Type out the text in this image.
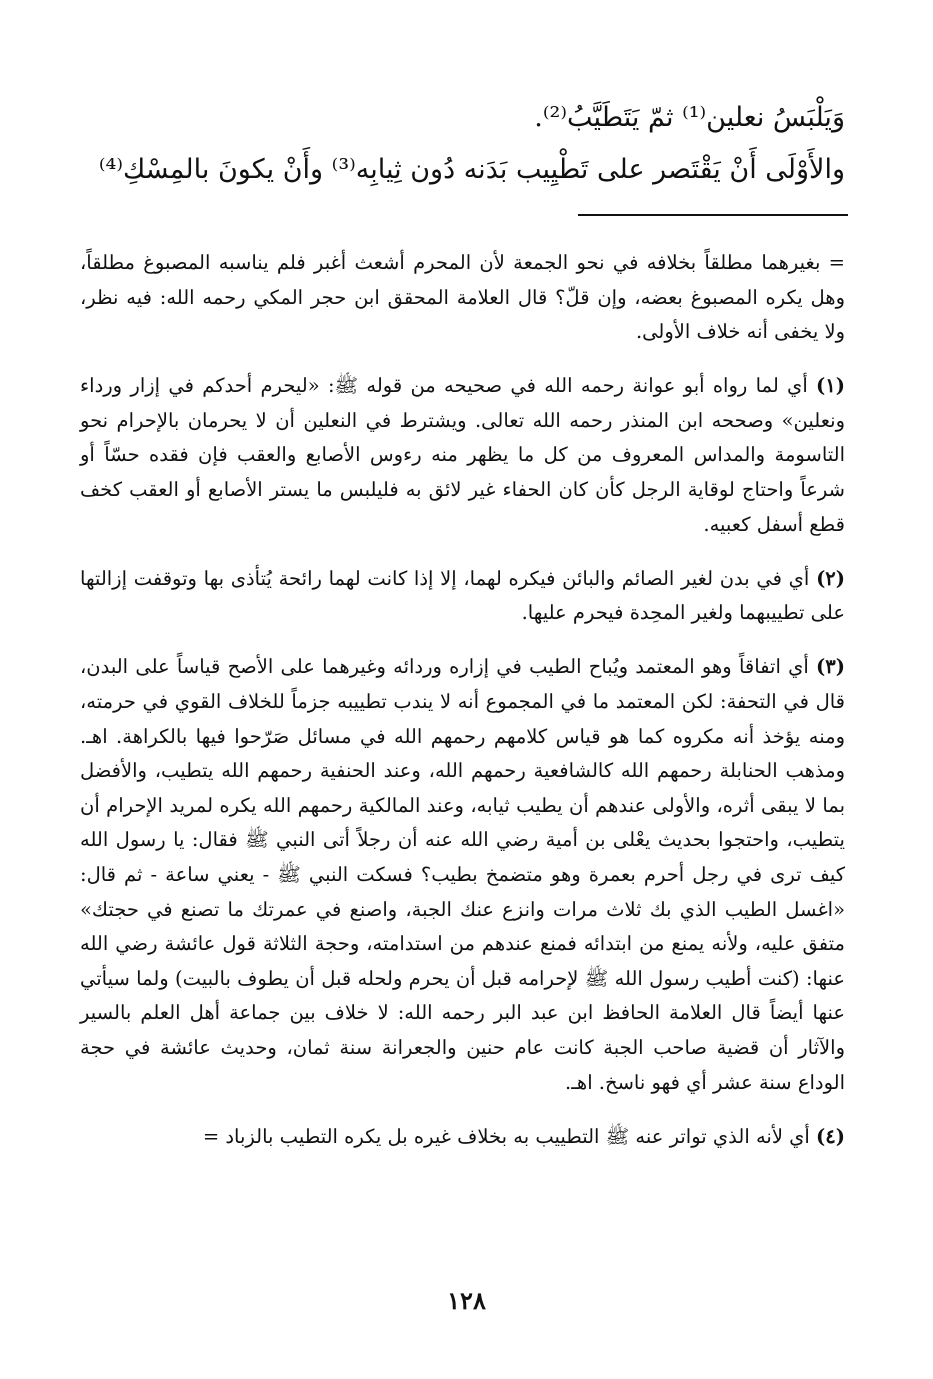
وَيَلْبَسُ نعلين⁽¹⁾ ثمّ يَتَطَيَّبُ⁽²⁾.
والأَوْلَى أَنْ يَقْتَصر على تَطْيِيب بَدَنه دُون ثِيابِه⁽³⁾ وأَنْ يكونَ بالمِسْكِ⁽⁴⁾

= بغيرهما مطلقاً بخلافه في نحو الجمعة لأن المحرم أشعث أغبر فلم يناسبه المصبوغ مطلقاً، وهل يكره المصبوغ بعضه، وإن قلّ؟ قال العلامة المحقق ابن حجر المكي رحمه الله: فيه نظر، ولا يخفى أنه خلاف الأولى.

(١) أي لما رواه أبو عوانة رحمه الله في صحيحه من قوله ﷺ: «ليحرم أحدكم في إزار ورداء ونعلين» وصححه ابن المنذر رحمه الله تعالى. ويشترط في النعلين أن لا يحرمان بالإحرام نحو التاسومة والمداس المعروف من كل ما يظهر منه رءوس الأصابع والعقب فإن فقده حسّاً أو شرعاً واحتاج لوقاية الرجل كأن كان الحفاء غير لائق به فليلبس ما يستر الأصابع أو العقب كخف قطع أسفل كعبيه.

(٢) أي في بدن لغير الصائم والبائن فيكره لهما، إلا إذا كانت لهما رائحة يُتأذى بها وتوقفت إزالتها على تطييبهما ولغير المحِدة فيحرم عليها.

(٣) أي اتفاقاً وهو المعتمد ويُباح الطيب في إزاره وردائه وغيرهما على الأصح قياساً على البدن، قال في التحفة: لكن المعتمد ما في المجموع أنه لا يندب تطييبه جزماً للخلاف القوي في حرمته، ومنه يؤخذ أنه مكروه كما هو قياس كلامهم رحمهم الله في مسائل صَرّحوا فيها بالكراهة. اهـ. ومذهب الحنابلة رحمهم الله كالشافعية رحمهم الله، وعند الحنفية رحمهم الله يتطيب، والأفضل بما لا يبقى أثره، والأولى عندهم أن يطيب ثيابه، وعند المالكية رحمهم الله يكره لمريد الإحرام أن يتطيب، واحتجوا بحديث يعْلى بن أمية رضي الله عنه أن رجلاً أتى النبي ﷺ فقال: يا رسول الله كيف ترى في رجل أحرم بعمرة وهو متضمخ بطيب؟ فسكت النبي ﷺ - يعني ساعة - ثم قال: «اغسل الطيب الذي بك ثلاث مرات وانزع عنك الجبة، واصنع في عمرتك ما تصنع في حجتك» متفق عليه، ولأنه يمنع من ابتدائه فمنع عندهم من استدامته، وحجة الثلاثة قول عائشة رضي الله عنها: (كنت أطيب رسول الله ﷺ لإحرامه قبل أن يحرم ولحله قبل أن يطوف بالبيت) ولما سيأتي عنها أيضاً قال العلامة الحافظ ابن عبد البر رحمه الله: لا خلاف بين جماعة أهل العلم بالسير والآثار أن قضية صاحب الجبة كانت عام حنين والجعرانة سنة ثمان، وحديث عائشة في حجة الوداع سنة عشر أي فهو ناسخ. اهـ.

(٤) أي لأنه الذي تواتر عنه ﷺ التطييب به بخلاف غيره بل يكره التطيب بالزباد =

١٢٨
